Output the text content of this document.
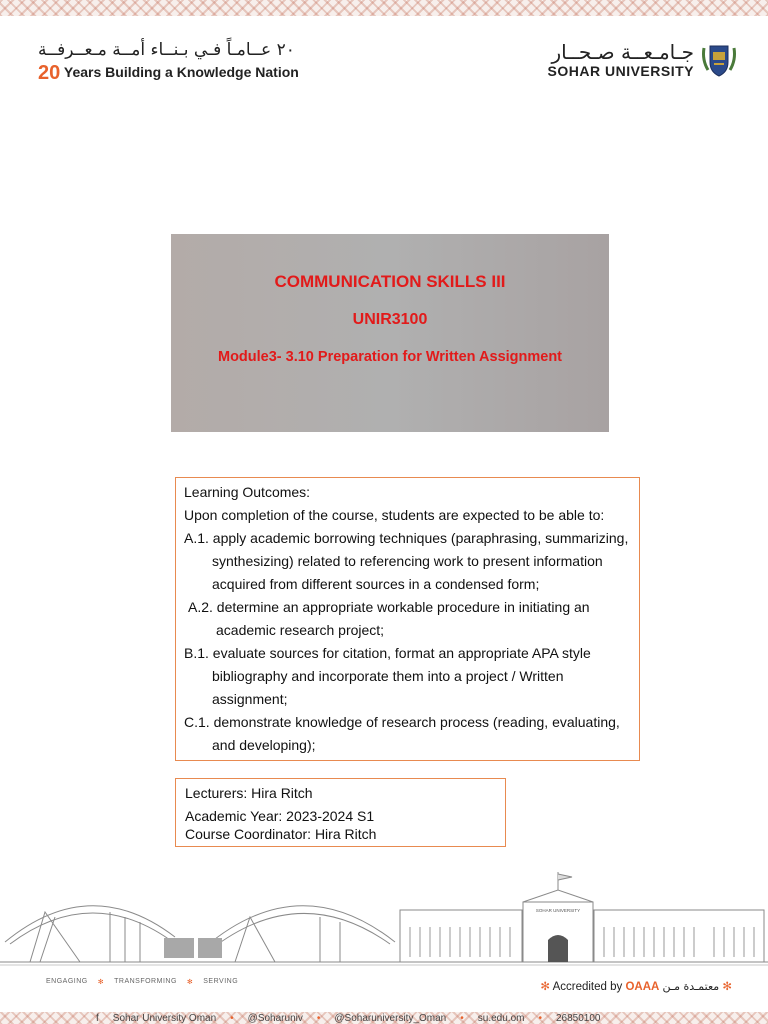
٢٠ عــامـاً فـي بـنــاء أمــة مـعــرفــة
20 Years Building a Knowledge Nation
جـامـعــة صـحــار
SOHAR UNIVERSITY
COMMUNICATION SKILLS III
UNIR3100
Module3- 3.10 Preparation for Written Assignment
Learning Outcomes:
Upon completion of the course, students are expected to be able to:
A.1. apply academic borrowing techniques (paraphrasing, summarizing, synthesizing) related to referencing work to present information acquired from different sources in a condensed form;
A.2. determine an appropriate workable procedure in initiating an academic research project;
B.1. evaluate sources for citation, format an appropriate APA style bibliography and incorporate them into a project / Written assignment;
C.1. demonstrate knowledge of research process (reading, evaluating, and developing);
Lecturers: Hira Ritch
Academic Year: 2023-2024 S1
Course Coordinator: Hira Ritch
SOHAR UNIVERSITY
ENGAGING ✻ TRANSFORMING ✻ SERVING	✻ Accredited by OAAA معتمـدة مـن ✻
f Sohar University Oman • @Soharuniv • @Soharuniversity_Oman • su.edu.om • 26850100
